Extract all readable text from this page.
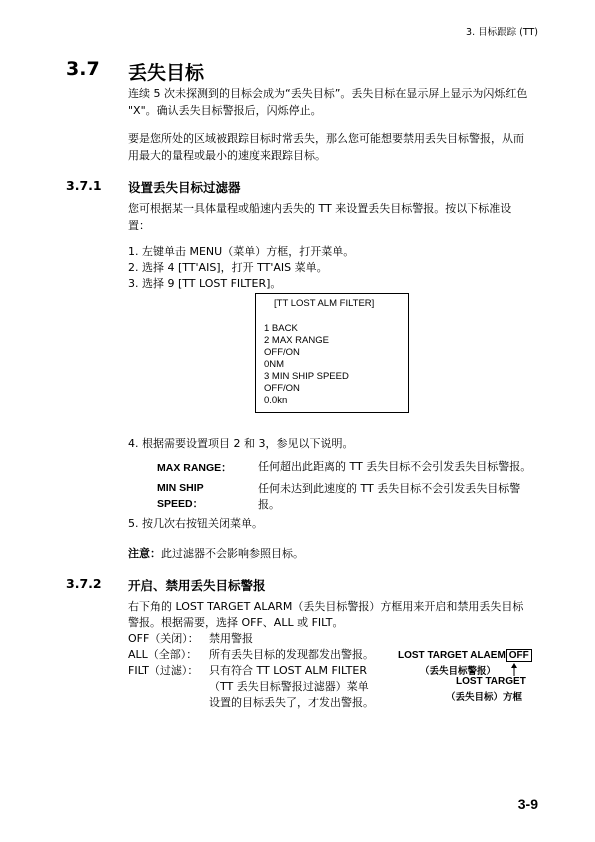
3. 目标跟踪 (TT)
3.7 丢失目标
连续 5 次未探测到的目标会成为“丢失目标”。丢失目标在显示屏上显示为闪烁红色
"X"。确认丢失目标警报后，闪烁停止。
要是您所处的区域被跟踪目标时常丢失，那么您可能想要禁用丢失目标警报，从而
用最大的量程或最小的速度来跟踪目标。
3.7.1 设置丢失目标过滤器
您可根据某一具体量程或船速内丢失的 TT 来设置丢失目标警报。按以下标准设
置：
1. 左键单击 MENU（菜单）方框，打开菜单。
2. 选择 4 [TT'AIS]，打开 TT'AIS 菜单。
3. 选择 9 [TT LOST FILTER]。
[TT LOST ALM FILTER]
1 BACK
2 MAX RANGE
OFF/ON
0NM
3 MIN SHIP SPEED
OFF/ON
0.0kn
4. 根据需要设置项目 2 和 3，参见以下说明。
MAX RANGE： 任何超出此距离的 TT 丢失目标不会引发丢失目标警报。
MIN SHIP
SPEED：
任何未达到此速度的 TT 丢失目标不会引发丢失目标警
报。
5. 按几次右按钮关闭菜单。
注意：此过滤器不会影响参照目标。
3.7.2 开启、禁用丢失目标警报
右下角的 LOST TARGET ALARM（丢失目标警报）方框用来开启和禁用丢失目标
警报。根据需要，选择 OFF、ALL 或 FILT。
OFF（关闭）： 禁用警报
ALL（全部）： 所有丢失目标的发现都发出警报。
FILT（过滤）： 只有符合 TT LOST ALM FILTER
（TT 丢失目标警报过滤器）菜单
设置的目标丢失了，才发出警报。
LOST TARGET ALAEM OFF
（丢失目标警报）
LOST TARGET
（丢失目标）方框
3-9
